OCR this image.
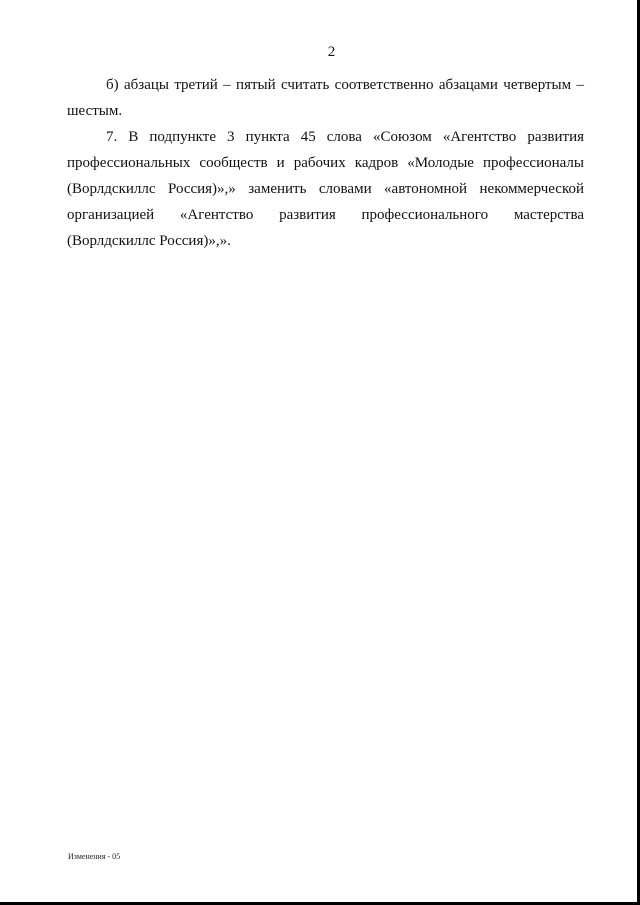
2

б) абзацы третий – пятый считать соответственно абзацами четвертым – шестым.

7. В подпункте 3 пункта 45 слова «Союзом «Агентство развития профессиональных сообществ и рабочих кадров «Молодые профессионалы (Ворлдскиллс Россия)»,» заменить словами «автономной некоммерческой организацией «Агентство развития профессионального мастерства (Ворлдскиллс Россия)»,».

Изменения - 05
